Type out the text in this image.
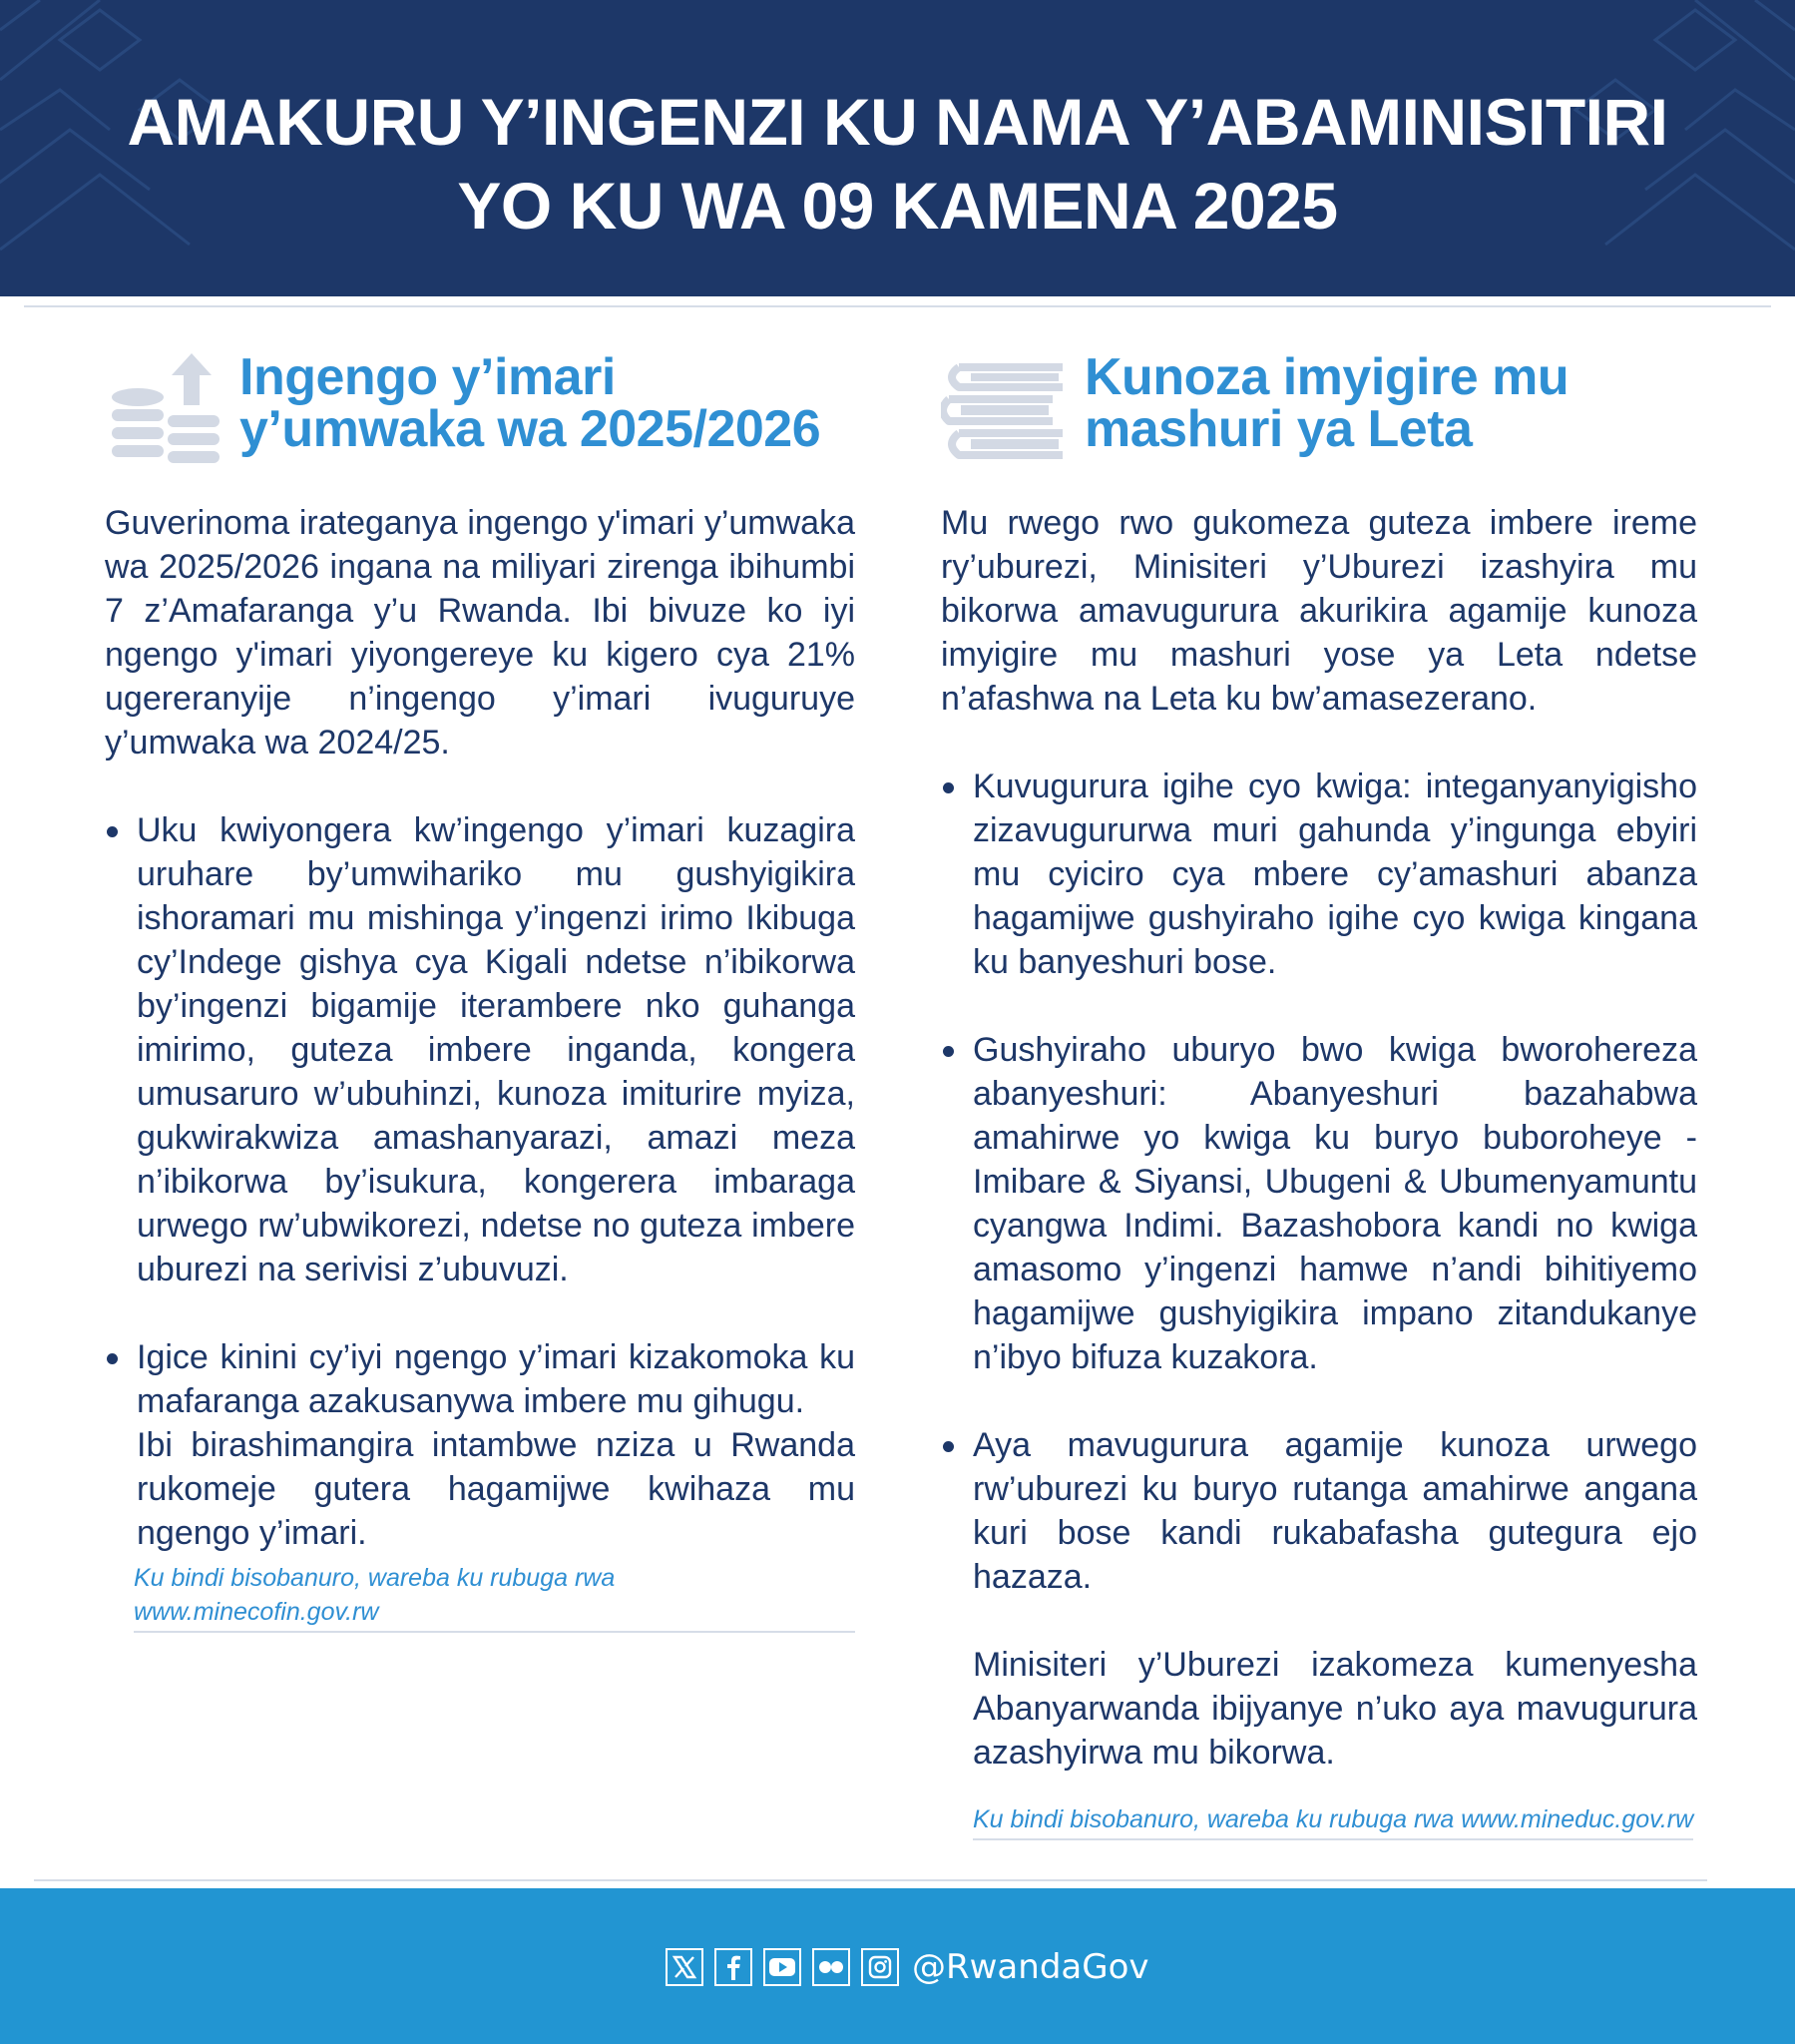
AMAKURU Y’INGENZI KU NAMA Y’ABAMINISITIRI
YO KU WA 09 KAMENA 2025
Ingengo y’imari
y’umwaka wa 2025/2026
Kunoza imyigire mu
mashuri ya Leta

Guverinoma irateganya ingengo y'imari y’umwaka wa 2025/2026 ingana na miliyari zirenga ibihumbi 7 z’Amafaranga y’u Rwanda. Ibi bivuze ko iyi ngengo y'imari yiyongereye ku kigero cya 21% ugereranyije n’ingengo y’imari ivuguruye y’umwaka wa 2024/25.

Uku kwiyongera kw’ingengo y’imari kuzagira uruhare by’umwihariko mu gushyigikira ishoramari mu mishinga y’ingenzi irimo Ikibuga cy’Indege gishya cya Kigali ndetse n’ibikorwa by’ingenzi bigamije iterambere nko guhanga imirimo, guteza imbere inganda, kongera umusaruro w’ubuhinzi, kunoza imiturire myiza, gukwirakwiza amashanyarazi, amazi meza n’ibikorwa by’isukura, kongerera imbaraga urwego rw’ubwikorezi, ndetse no guteza imbere uburezi na serivisi z’ubuvuzi.
Igice kinini cy’iyi ngengo y’imari kizakomoka ku mafaranga azakusanywa imbere mu gihugu.

Ibi birashimangira intambwe nziza u Rwanda rukomeje gutera hagamijwe kwihaza mu ngengo y’imari.

Ku bindi bisobanuro, wareba ku rubuga rwa www.minecofin.gov.rw

Mu rwego rwo gukomeza guteza imbere ireme ry’uburezi, Minisiteri y’Uburezi izashyira mu bikorwa amavugurura akurikira agamije kunoza imyigire mu mashuri yose ya Leta ndetse n’afashwa na Leta ku bw’amasezerano.

Kuvugurura igihe cyo kwiga: integanyanyigisho zizavugururwa muri gahunda y’ingunga ebyiri mu cyiciro cya mbere cy’amashuri abanza hagamijwe gushyiraho igihe cyo kwiga kingana ku banyeshuri bose.
Gushyiraho uburyo bwo kwiga bworohereza abanyeshuri: Abanyeshuri bazahabwa amahirwe yo kwiga ku buryo buboroheye - Imibare & Siyansi, Ubugeni & Ubumenyamuntu cyangwa Indimi. Bazashobora kandi no kwiga amasomo y’ingenzi hamwe n’andi bihitiyemo hagamijwe gushyigikira impano zitandukanye n’ibyo bifuza kuzakora.
Aya mavugurura agamije kunoza urwego rw’uburezi ku buryo rutanga amahirwe angana kuri bose kandi rukabafasha gutegura ejo hazaza.

Minisiteri y’Uburezi izakomeza kumenyesha Abanyarwanda ibijyanye n’uko aya mavugurura azashyirwa mu bikorwa.

Ku bindi bisobanuro, wareba ku rubuga rwa www.mineduc.gov.rw
@RwandaGov
